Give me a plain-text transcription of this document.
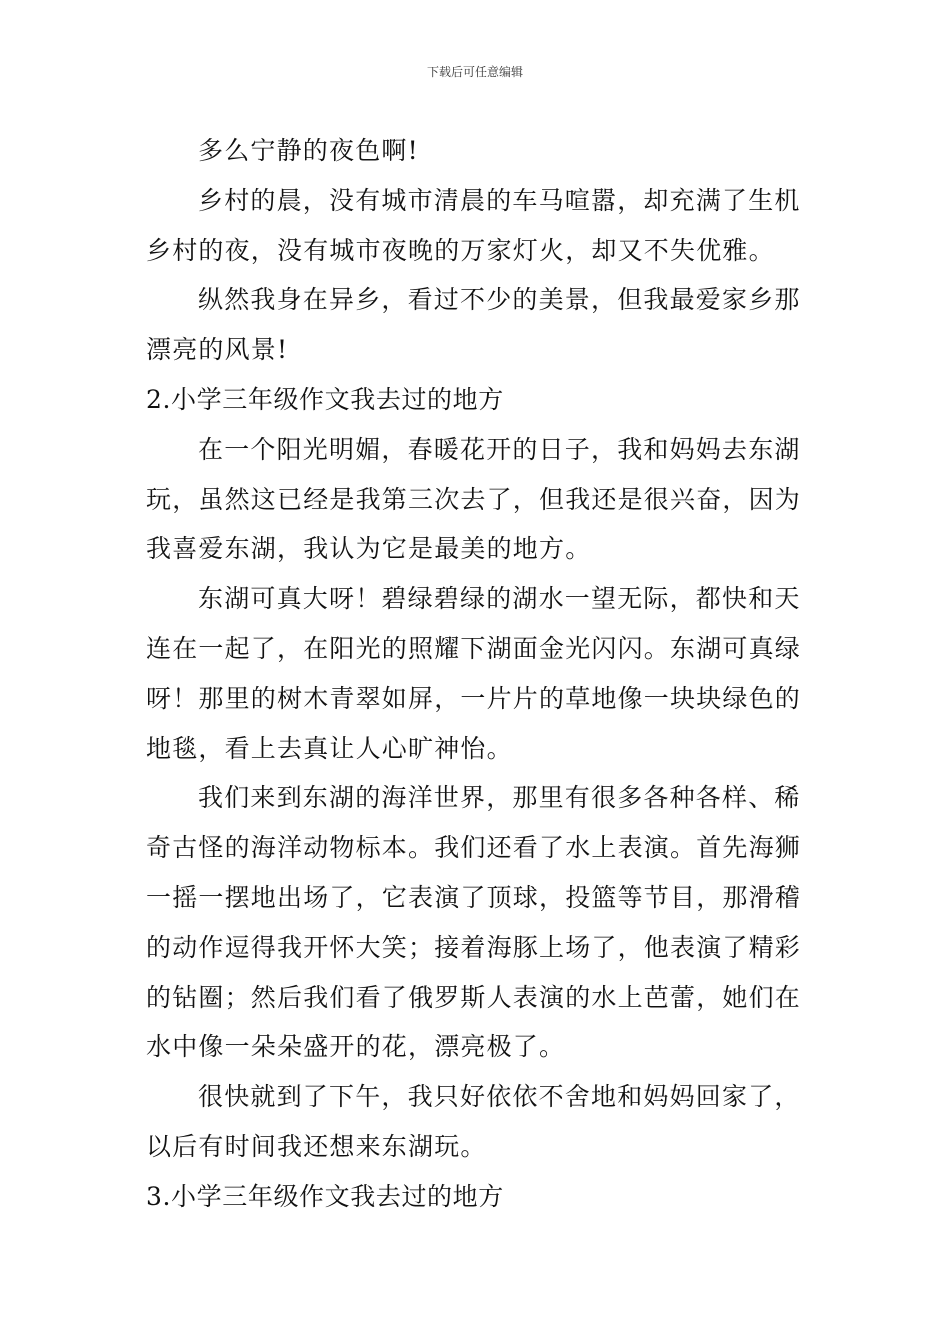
下载后可任意编辑

多么宁静的夜色啊!

乡村的晨，没有城市清晨的车马喧嚣，却充满了生机乡村的夜，没有城市夜晚的万家灯火，却又不失优雅。

纵然我身在异乡，看过不少的美景，但我最爱家乡那漂亮的风景!

2.小学三年级作文我去过的地方

在一个阳光明媚，春暖花开的日子，我和妈妈去东湖玩，虽然这已经是我第三次去了，但我还是很兴奋，因为我喜爱东湖，我认为它是最美的地方。

东湖可真大呀！碧绿碧绿的湖水一望无际，都快和天连在一起了，在阳光的照耀下湖面金光闪闪。东湖可真绿呀！那里的树木青翠如屏，一片片的草地像一块块绿色的地毯，看上去真让人心旷神怡。

我们来到东湖的海洋世界，那里有很多各种各样、稀奇古怪的海洋动物标本。我们还看了水上表演。首先海狮一摇一摆地出场了，它表演了顶球，投篮等节目，那滑稽的动作逗得我开怀大笑；接着海豚上场了，他表演了精彩的钻圈；然后我们看了俄罗斯人表演的水上芭蕾，她们在水中像一朵朵盛开的花，漂亮极了。

很快就到了下午，我只好依依不舍地和妈妈回家了，以后有时间我还想来东湖玩。

3.小学三年级作文我去过的地方
